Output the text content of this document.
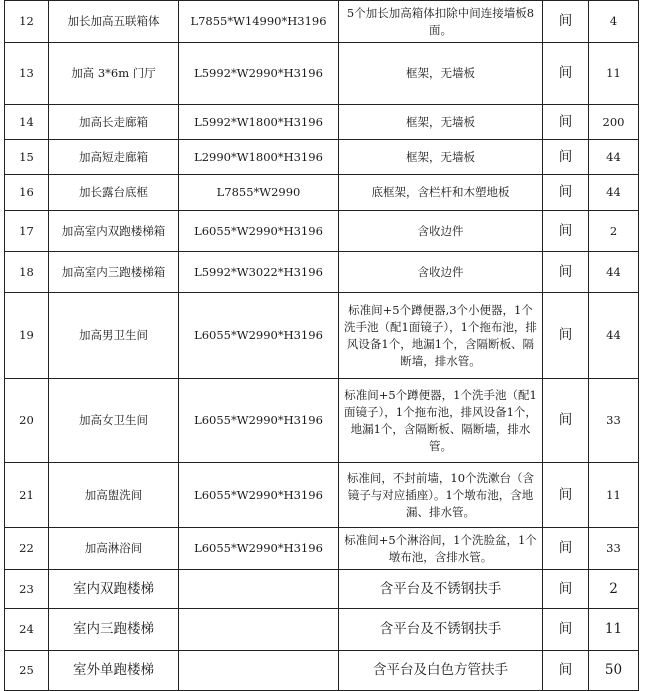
12	加长加高五联箱体	L7855*W14990*H3196	5个加长加高箱体扣除中间连接墙板8面。	间	4
13	加高 3*6m 门厅	L5992*W2990*H3196	框架，无墙板	间	11
14	加高长走廊箱	L5992*W1800*H3196	框架，无墙板	间	200
15	加高短走廊箱	L2990*W1800*H3196	框架，无墙板	间	44
16	加长露台底框	L7855*W2990	底框架，含栏杆和木塑地板	间	44
17	加高室内双跑楼梯箱	L6055*W2990*H3196	含收边件	间	2
18	加高室内三跑楼梯箱	L5992*W3022*H3196	含收边件	间	44
19	加高男卫生间	L6055*W2990*H3196	标准间+5个蹲便器,3个小便器，1个洗手池（配1面镜子），1个拖布池，排风设备1个，地漏1个，含隔断板、隔断墙，排水管。	间	44
20	加高女卫生间	L6055*W2990*H3196	标准间+5个蹲便器，1个洗手池（配1面镜子），1个拖布池，排风设备1个，地漏1个，含隔断板、隔断墙，排水管。	间	33
21	加高盥洗间	L6055*W2990*H3196	标准间，不封前墙，10个洗漱台（含镜子与对应插座）。1个墩布池，含地漏、排水管。	间	11
22	加高淋浴间	L6055*W2990*H3196	标准间+5个淋浴间，1个洗脸盆，1个墩布池，含排水管。	间	33
23	室内双跑楼梯		含平台及不锈钢扶手	间	2
24	室内三跑楼梯		含平台及不锈钢扶手	间	11
25	室外单跑楼梯		含平台及白色方管扶手	间	50
